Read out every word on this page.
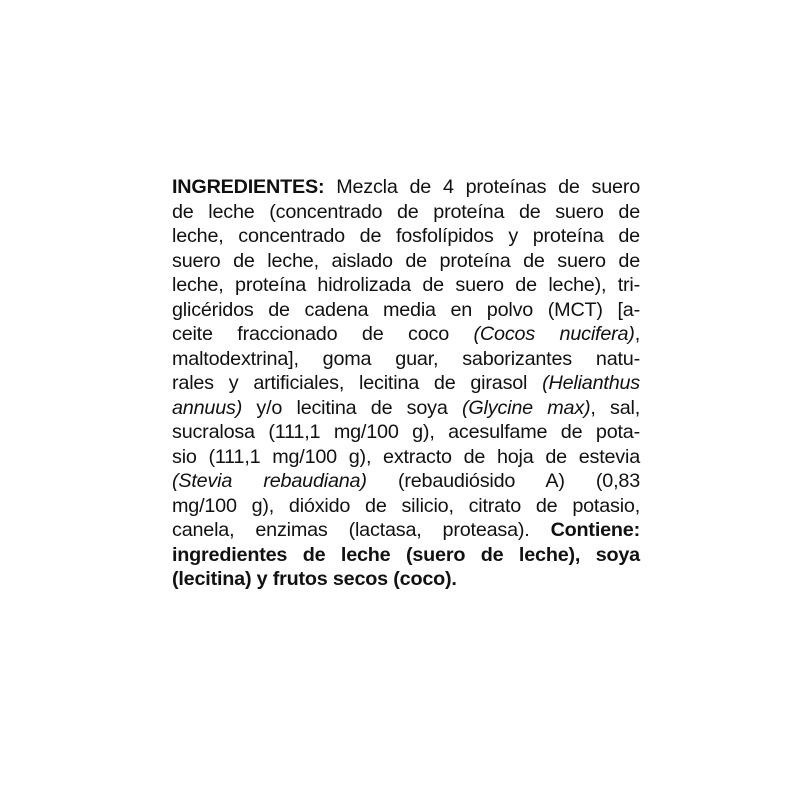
INGREDIENTES: Mezcla de 4 proteínas de suero
de leche (concentrado de proteína de suero de
leche, concentrado de fosfolípidos y proteína de
suero de leche, aislado de proteína de suero de
leche, proteína hidrolizada de suero de leche), tri-
glicéridos de cadena media en polvo (MCT) [a-
ceite fraccionado de coco (Cocos nucifera),
maltodextrina], goma guar, saborizantes natu-
rales y artificiales, lecitina de girasol (Helianthus
annuus) y/o lecitina de soya (Glycine max), sal,
sucralosa (111,1 mg/100 g), acesulfame de pota-
sio (111,1 mg/100 g), extracto de hoja de estevia
(Stevia rebaudiana) (rebaudiósido A) (0,83
mg/100 g), dióxido de silicio, citrato de potasio,
canela, enzimas (lactasa, proteasa). Contiene:
ingredientes de leche (suero de leche), soya
(lecitina) y frutos secos (coco).
